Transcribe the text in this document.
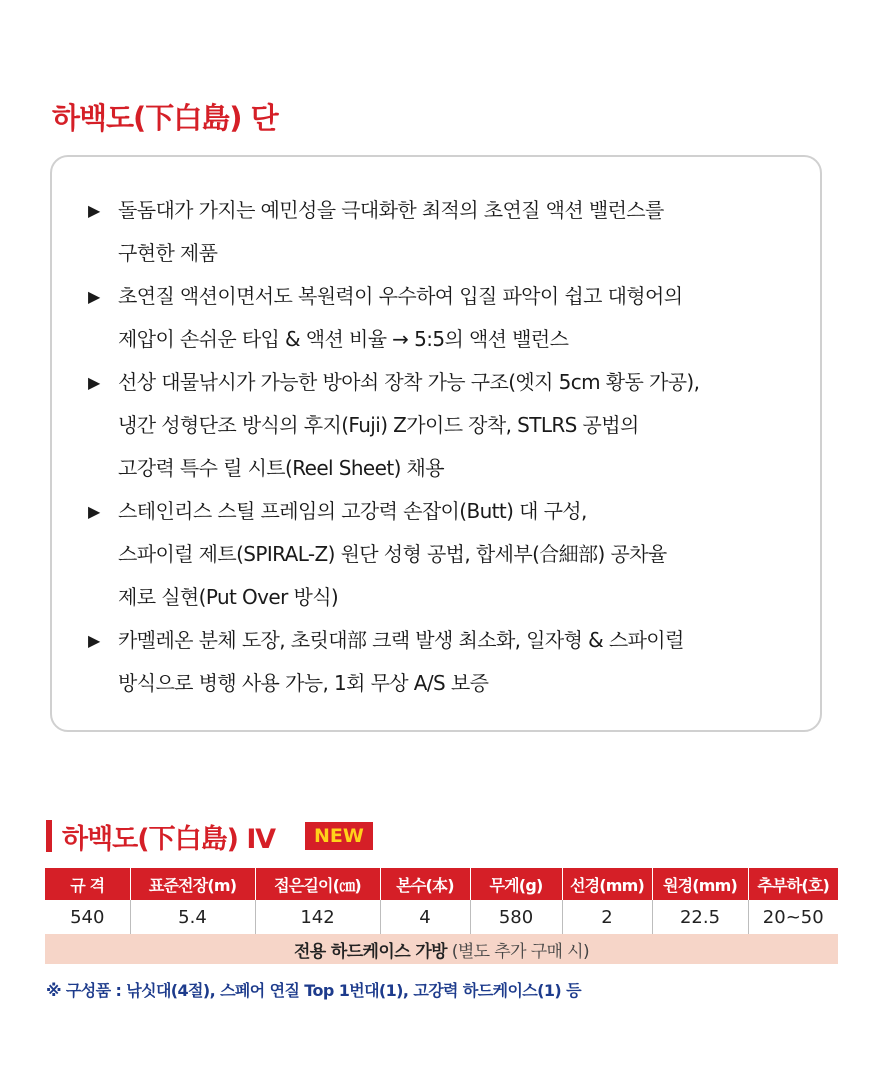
하백도(下白島) 단
▶ 돌돔대가 가지는 예민성을 극대화한 최적의 초연질 액션 밸런스를
구현한 제품
▶ 초연질 액션이면서도 복원력이 우수하여 입질 파악이 쉽고 대형어의
제압이 손쉬운 타입 & 액션 비율 → 5:5의 액션 밸런스
▶ 선상 대물낚시가 가능한 방아쇠 장착 가능 구조(엣지 5cm 황동 가공),
냉간 성형단조 방식의 후지(Fuji) Z가이드 장착, STLRS 공법의
고강력 특수 릴 시트(Reel Sheet) 채용
▶ 스테인리스 스틸 프레임의 고강력 손잡이(Butt) 대 구성,
스파이럴 제트(SPIRAL-Z) 원단 성형 공법, 합세부(合細部) 공차율
제로 실현(Put Over 방식)
▶ 카멜레온 분체 도장, 초릿대部 크랙 발생 최소화, 일자형 & 스파이럴
방식으로 병행 사용 가능, 1회 무상 A/S 보증
하백도(下白島) Ⅳ	NEW
규 격	표준전장(m)	접은길이(㎝)	본수(本)	무게(g)	선경(mm)	원경(mm)	추부하(호)
540	5.4	142	4	580	2	22.5	20~50
전용 하드케이스 가방 (별도 추가 구매 시)							
※ 구성품 : 낚싯대(4절), 스페어 연질 Top 1번대(1), 고강력 하드케이스(1) 등
